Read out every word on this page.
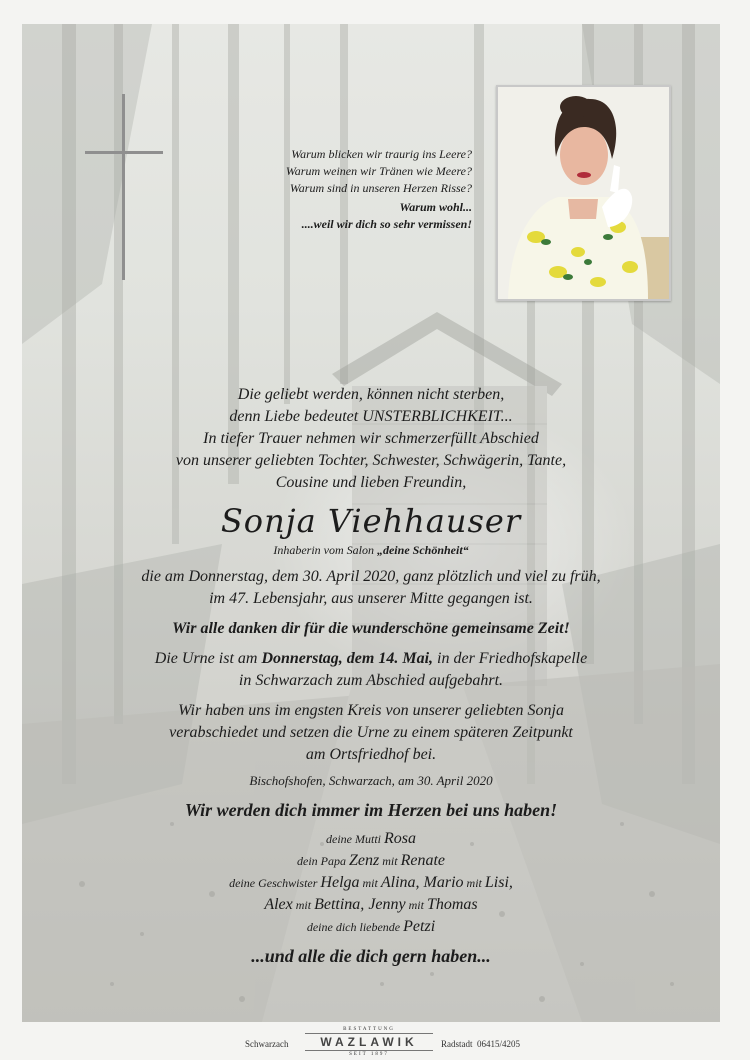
Warum blicken wir traurig ins Leere?
Warum weinen wir Tränen wie Meere?
Warum sind in unseren Herzen Risse?
Warum wohl...
....weil wir dich so sehr vermissen!
Die geliebt werden, können nicht sterben,
denn Liebe bedeutet UNSTERBLICHKEIT...
In tiefer Trauer nehmen wir schmerzerfüllt Abschied
von unserer geliebten Tochter, Schwester, Schwägerin, Tante,
Cousine und lieben Freundin,
Sonja Viehhauser
Inhaberin vom Salon „deine Schönheit“
die am Donnerstag, dem 30. April 2020, ganz plötzlich und viel zu früh,
im 47. Lebensjahr, aus unserer Mitte gegangen ist.
Wir alle danken dir für die wunderschöne gemeinsame Zeit!
Die Urne ist am Donnerstag, dem 14. Mai, in der Friedhofskapelle
in Schwarzach zum Abschied aufgebahrt.
Wir haben uns im engsten Kreis von unserer geliebten Sonja
verabschiedet und setzen die Urne zu einem späteren Zeitpunkt
am Ortsfriedhof bei.
Bischofshofen, Schwarzach, am 30. April 2020
Wir werden dich immer im Herzen bei uns haben!
deine Mutti Rosa
dein Papa Zenz mit Renate
deine Geschwister Helga mit Alina, Mario mit Lisi,
Alex mit Bettina, Jenny mit Thomas
deine dich liebende Petzi
...und alle die dich gern haben...
Schwarzach
BESTATTUNG
WAZLAWIK
SEIT 1897
Radstadt 06415/4205
